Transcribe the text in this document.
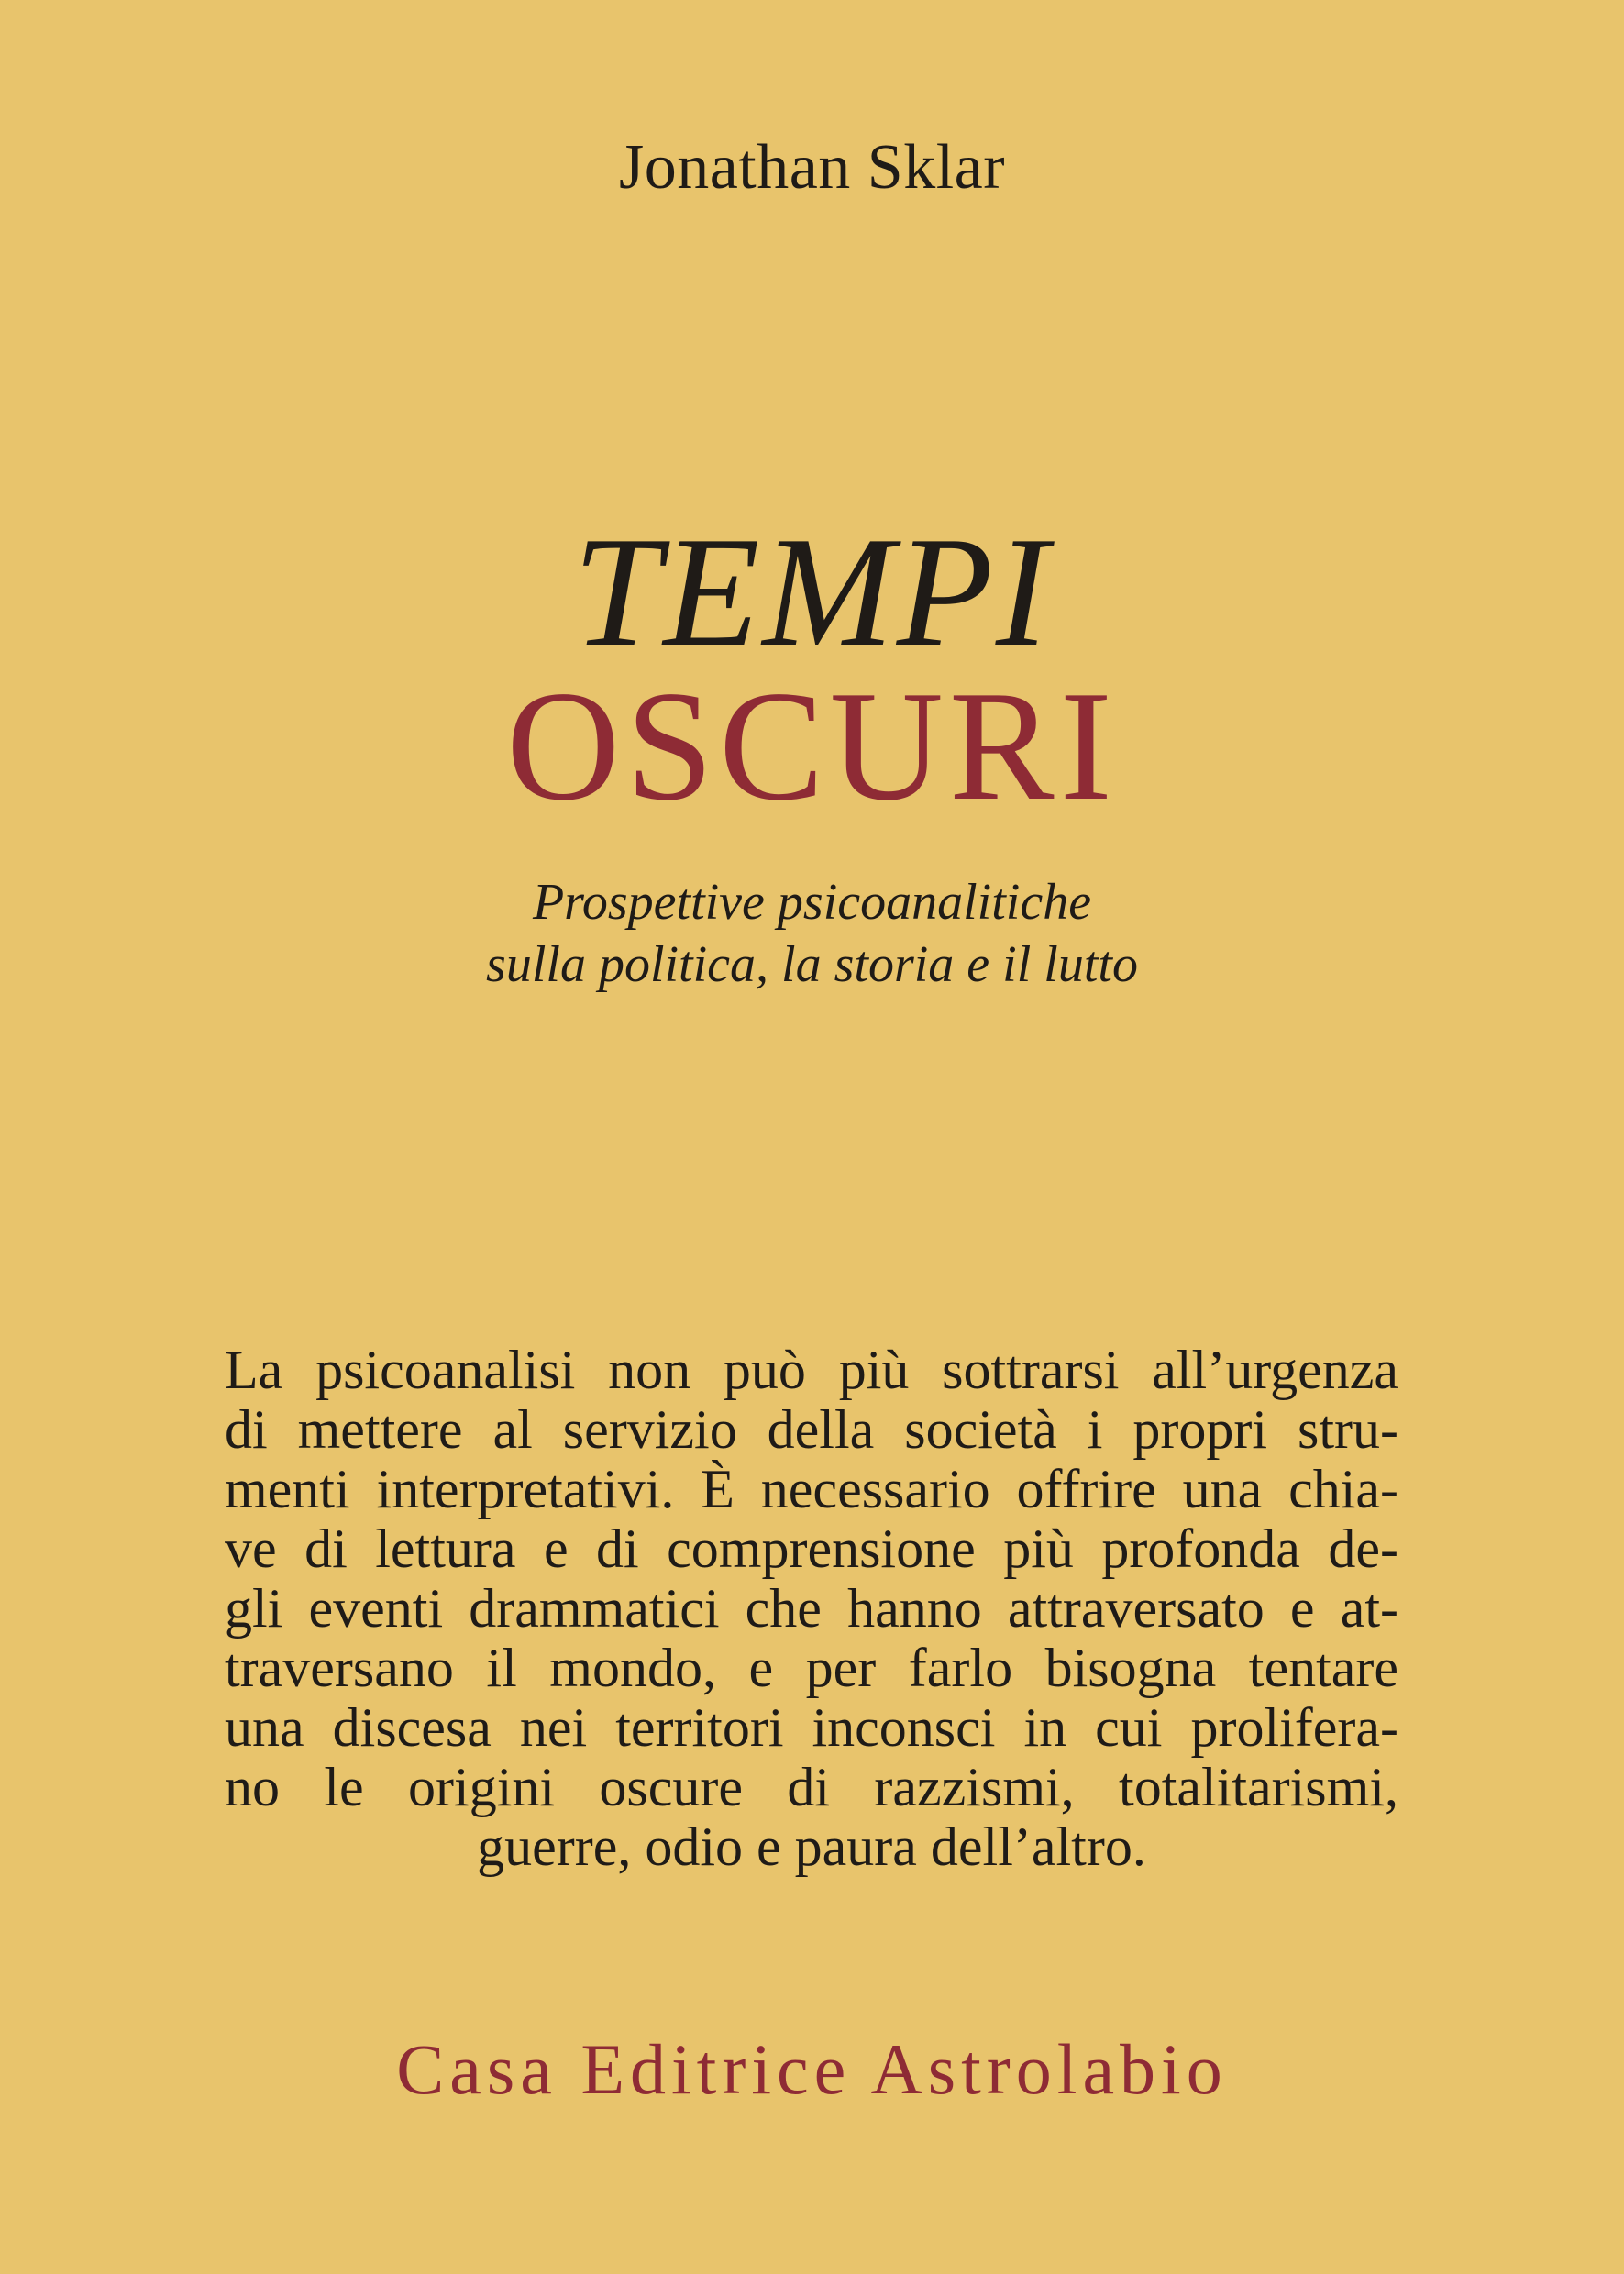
Jonathan Sklar
TEMPI
OSCURI
Prospettive psicoanalitiche
sulla politica, la storia e il lutto
La psicoanalisi non può più sottrarsi all’urgenza
di mettere al servizio della società i propri stru-
menti interpretativi. È necessario offrire una chia-
ve di lettura e di comprensione più profonda de-
gli eventi drammatici che hanno attraversato e at-
traversano il mondo, e per farlo bisogna tentare
una discesa nei territori inconsci in cui prolifera-
no le origini oscure di razzismi, totalitarismi,
guerre, odio e paura dell’altro.
Casa Editrice Astrolabio
